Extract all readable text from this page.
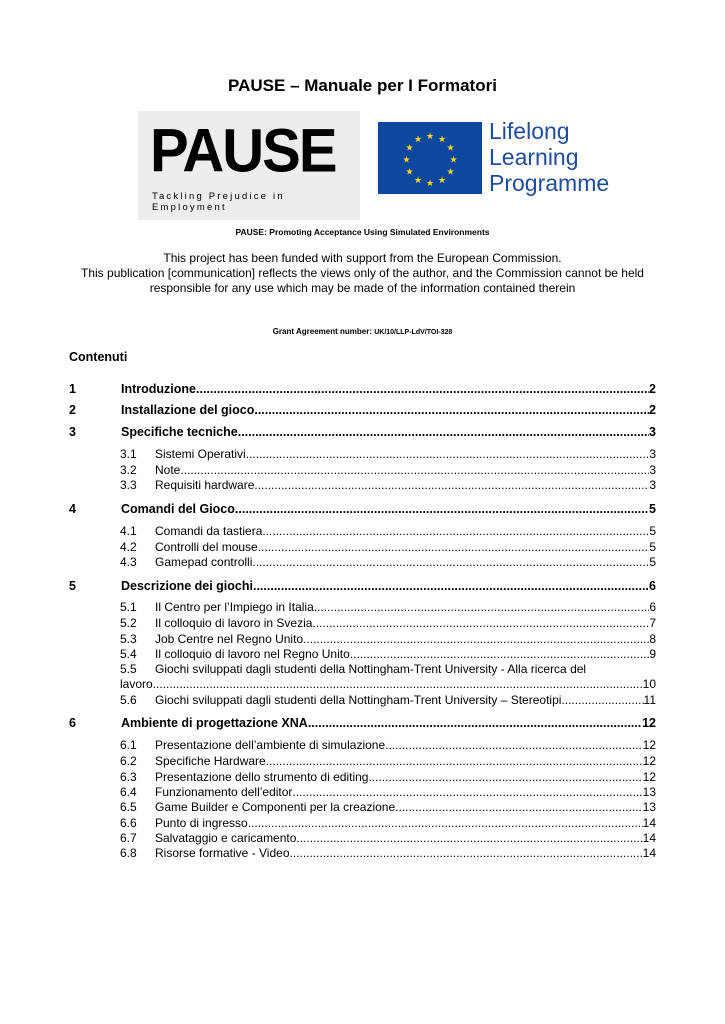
PAUSE – Manuale per I Formatori
PAUSE
Tackling Prejudice in Employment
★ ★
★
★
★
★
★
★
★
★
★
★	Lifelong
Learning
Programme
PAUSE: Promoting Acceptance Using Simulated Environments
This project has been funded with support from the European Commission.
This publication [communication] reflects the views only of the author, and the Commission cannot be held
responsible for any use which may be made of the information contained therein
Grant Agreement number: UK/10/LLP-LdV/TOI-328
Contenuti
1	Introduzione .....	2
2	Installazione del gioco .....	2
3	Specifiche tecniche .....	3
3.1 Sistemi Operativi .....	3
3.2 Note .....	3
3.3 Requisiti hardware .....	3
4	Comandi del Gioco .....	5
4.1 Comandi da tastiera .....	5
4.2 Controlli del mouse .....	5
4.3 Gamepad controlli .....	5
5	Descrizione dei giochi .....	6
5.1 Il Centro per l’Impiego in Italia .....	6
5.2 Il colloquio di lavoro in Svezia .....	7
5.3 Job Centre nel Regno Unito .....	8
5.4 Il colloquio di lavoro nel Regno Unito .....	9
5.5 Giochi sviluppati dagli studenti della Nottingham-Trent University - Alla ricerca del
lavoro .....	10
5.6 Giochi sviluppati dagli studenti della Nottingham-Trent University – Stereotipi .....	11
6	Ambiente di progettazione XNA .....	12
6.1 Presentazione dell’ambiente di simulazione .....	12
6.2 Specifiche Hardware .....	12
6.3 Presentazione dello strumento di editing .....	12
6.4 Funzionamento dell’editor .....	13
6.5 Game Builder e Componenti per la creazione .....	13
6.6 Punto di ingresso .....	14
6.7 Salvataggio e caricamento .....	14
6.8 Risorse formative - Video .....	14
